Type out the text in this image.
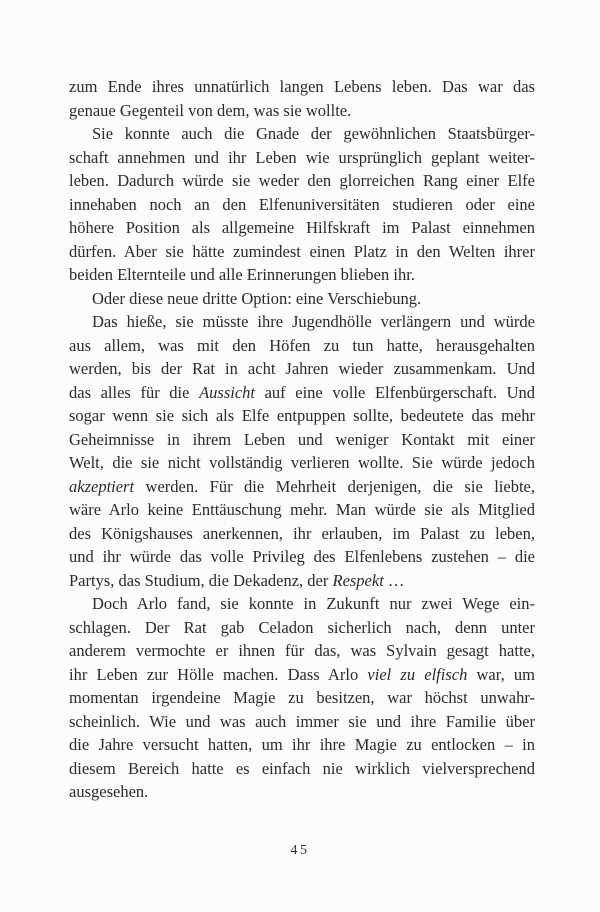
zum Ende ihres unnatürlich langen Lebens leben. Das war das
genaue Gegenteil von dem, was sie wollte.
Sie konnte auch die Gnade der gewöhnlichen Staatsbürger-
schaft annehmen und ihr Leben wie ursprünglich geplant weiter-
leben. Dadurch würde sie weder den glorreichen Rang einer Elfe
innehaben noch an den Elfenuniversitäten studieren oder eine
höhere Position als allgemeine Hilfskraft im Palast einnehmen
dürfen. Aber sie hätte zumindest einen Platz in den Welten ihrer
beiden Elternteile und alle Erinnerungen blieben ihr.
Oder diese neue dritte Option: eine Verschiebung.
Das hieße, sie müsste ihre Jugendhölle verlängern und würde
aus allem, was mit den Höfen zu tun hatte, herausgehalten
werden, bis der Rat in acht Jahren wieder zusammenkam. Und
das alles für die Aussicht auf eine volle Elfenbürgerschaft. Und
sogar wenn sie sich als Elfe entpuppen sollte, bedeutete das mehr
Geheimnisse in ihrem Leben und weniger Kontakt mit einer
Welt, die sie nicht vollständig verlieren wollte. Sie würde jedoch
akzeptiert werden. Für die Mehrheit derjenigen, die sie liebte,
wäre Arlo keine Enttäuschung mehr. Man würde sie als Mitglied
des Königshauses anerkennen, ihr erlauben, im Palast zu leben,
und ihr würde das volle Privileg des Elfenlebens zustehen – die
Partys, das Studium, die Dekadenz, der Respekt …
Doch Arlo fand, sie konnte in Zukunft nur zwei Wege ein-
schlagen. Der Rat gab Celadon sicherlich nach, denn unter
anderem vermochte er ihnen für das, was Sylvain gesagt hatte,
ihr Leben zur Hölle machen. Dass Arlo viel zu elfisch war, um
momentan irgendeine Magie zu besitzen, war höchst unwahr-
scheinlich. Wie und was auch immer sie und ihre Familie über
die Jahre versucht hatten, um ihr ihre Magie zu entlocken – in
diesem Bereich hatte es einfach nie wirklich vielversprechend
ausgesehen.
45
